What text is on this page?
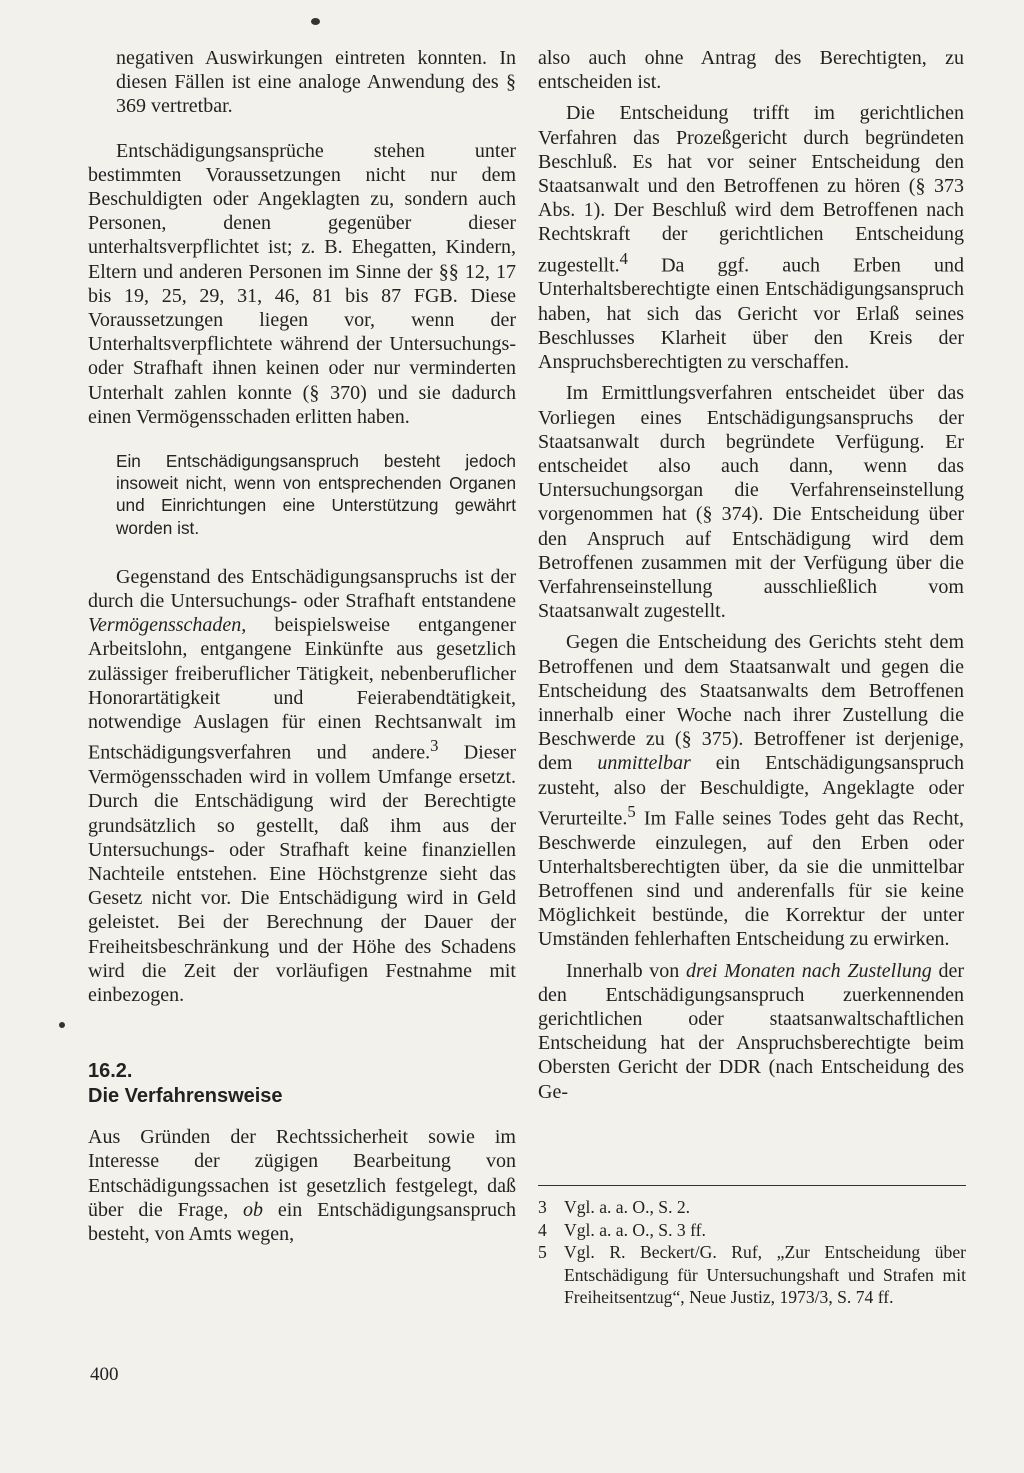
negativen Auswirkungen eintreten konnten. In diesen Fällen ist eine analoge Anwendung des § 369 vertretbar.

Entschädigungsansprüche stehen unter bestimmten Voraussetzungen nicht nur dem Beschuldigten oder Angeklagten zu, sondern auch Personen, denen gegenüber dieser unterhaltsverpflichtet ist; z. B. Ehegatten, Kindern, Eltern und anderen Personen im Sinne der §§ 12, 17 bis 19, 25, 29, 31, 46, 81 bis 87 FGB. Diese Voraussetzungen liegen vor, wenn der Unterhaltsverpflichtete während der Untersuchungs- oder Strafhaft ihnen keinen oder nur verminderten Unterhalt zahlen konnte (§ 370) und sie dadurch einen Vermögensschaden erlitten haben.

Ein Entschädigungsanspruch besteht jedoch insoweit nicht, wenn von entsprechenden Organen und Einrichtungen eine Unterstützung gewährt worden ist.

Gegenstand des Entschädigungsanspruchs ist der durch die Untersuchungs- oder Strafhaft entstandene Vermögensschaden, beispielsweise entgangener Arbeitslohn, entgangene Einkünfte aus gesetzlich zulässiger freiberuflicher Tätigkeit, nebenberuflicher Honorartätigkeit und Feierabendtätigkeit, notwendige Auslagen für einen Rechtsanwalt im Entschädigungsverfahren und andere.$^3$ Dieser Vermögensschaden wird in vollem Umfange ersetzt. Durch die Entschädigung wird der Berechtigte grundsätzlich so gestellt, daß ihm aus der Untersuchungs- oder Strafhaft keine finanziellen Nachteile entstehen. Eine Höchstgrenze sieht das Gesetz nicht vor. Die Entschädigung wird in Geld geleistet. Bei der Berechnung der Dauer der Freiheitsbeschränkung und der Höhe des Schadens wird die Zeit der vorläufigen Festnahme mit einbezogen.

16.2.
Die Verfahrensweise

Aus Gründen der Rechtssicherheit sowie im Interesse der zügigen Bearbeitung von Entschädigungssachen ist gesetzlich festgelegt, daß über die Frage, ob ein Entschädigungsanspruch besteht, von Amts wegen,

also auch ohne Antrag des Berechtigten, zu entscheiden ist.

Die Entscheidung trifft im gerichtlichen Verfahren das Prozeßgericht durch begründeten Beschluß. Es hat vor seiner Entscheidung den Staatsanwalt und den Betroffenen zu hören (§ 373 Abs. 1). Der Beschluß wird dem Betroffenen nach Rechtskraft der gerichtlichen Entscheidung zugestellt.$^4$ Da ggf. auch Erben und Unterhaltsberechtigte einen Entschädigungsanspruch haben, hat sich das Gericht vor Erlaß seines Beschlusses Klarheit über den Kreis der Anspruchsberechtigten zu verschaffen.

Im Ermittlungsverfahren entscheidet über das Vorliegen eines Entschädigungsanspruchs der Staatsanwalt durch begründete Verfügung. Er entscheidet also auch dann, wenn das Untersuchungsorgan die Verfahrenseinstellung vorgenommen hat (§ 374). Die Entscheidung über den Anspruch auf Entschädigung wird dem Betroffenen zusammen mit der Verfügung über die Verfahrenseinstellung ausschließlich vom Staatsanwalt zugestellt.

Gegen die Entscheidung des Gerichts steht dem Betroffenen und dem Staatsanwalt und gegen die Entscheidung des Staatsanwalts dem Betroffenen innerhalb einer Woche nach ihrer Zustellung die Beschwerde zu (§ 375). Betroffener ist derjenige, dem unmittelbar ein Entschädigungsanspruch zusteht, also der Beschuldigte, Angeklagte oder Verurteilte.$^5$ Im Falle seines Todes geht das Recht, Beschwerde einzulegen, auf den Erben oder Unterhaltsberechtigten über, da sie die unmittelbar Betroffenen sind und anderenfalls für sie keine Möglichkeit bestünde, die Korrektur der unter Umständen fehlerhaften Entscheidung zu erwirken.

Innerhalb von drei Monaten nach Zustellung der den Entschädigungsanspruch zuerkennenden gerichtlichen oder staatsanwaltschaftlichen Entscheidung hat der Anspruchsberechtigte beim Obersten Gericht der DDR (nach Entscheidung des Ge-

3 Vgl. a. a. O., S. 2.
4 Vgl. a. a. O., S. 3 ff.
5 Vgl. R. Beckert/G. Ruf, „Zur Entscheidung über Entschädigung für Untersuchungshaft und Strafen mit Freiheitsentzug“, Neue Justiz, 1973/3, S. 74 ff.
400
